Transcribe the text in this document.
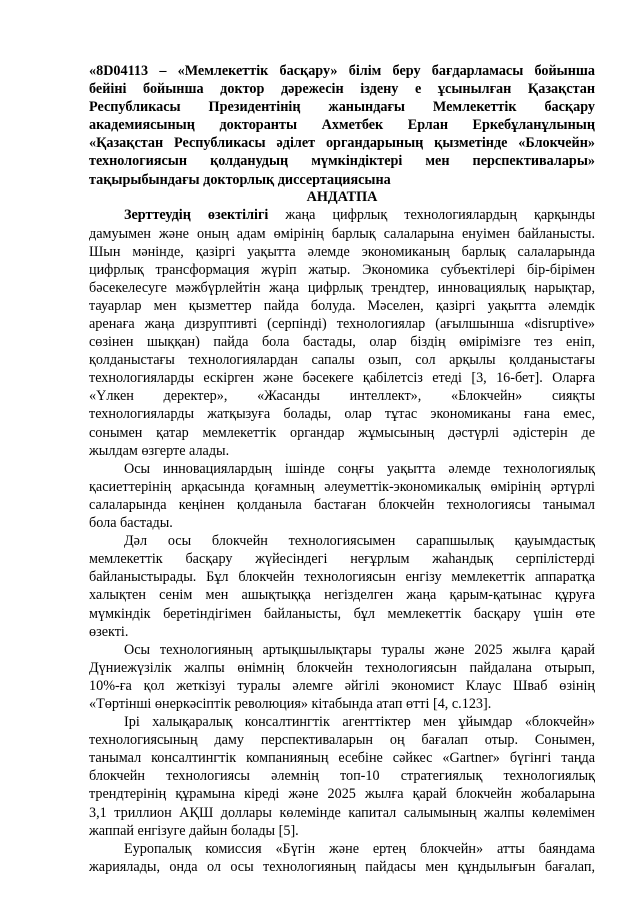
«8D04113 – «Мемлекеттік басқару» білім беру бағдарламасы бойынша
бейіні бойынша доктор дәрежесін іздену е ұсынылған Қазақстан
Республикасы Президентінің жанындағы Мемлекеттік басқару
академиясының докторанты Ахметбек Ерлан Еркебұланұлының
«Қазақстан Республикасы әділет органдарының қызметінде «Блокчейн»
технологиясын қолданудың мүмкіндіктері мен перспективалары»
тақырыбындағы докторлық диссертациясына
АНДАТПА
Зерттеудің өзектілігі жаңа цифрлық технологиялардың қарқынды
дамуымен және оның адам өмірінің барлық салаларына енуімен байланысты.
Шын мәнінде, қазіргі уақытта әлемде экономиканың барлық салаларында
цифрлық трансформация жүріп жатыр. Экономика субъектілері бір-бірімен
бәсекелесуге мәжбүрлейтін жаңа цифрлық трендтер, инновациялық нарықтар,
тауарлар мен қызметтер пайда болуда. Мәселен, қазіргі уақытта әлемдік
аренаға жаңа дизруптивті (серпінді) технологиялар (ағылшынша «disruptive»
сөзінен шыққан) пайда бола бастады, олар біздің өмірімізге тез еніп,
қолданыстағы технологиялардан сапалы озып, сол арқылы қолданыстағы
технологияларды ескірген және бәсекеге қабілетсіз етеді [3, 16-бет]. Оларға
«Үлкен деректер», «Жасанды интеллект», «Блокчейн» сияқты
технологияларды жатқызуға болады, олар тұтас экономиканы ғана емес,
сонымен қатар мемлекеттік органдар жұмысының дәстүрлі әдістерін де
жылдам өзгерте алады.
Осы инновациялардың ішінде соңғы уақытта әлемде технологиялық
қасиеттерінің арқасында қоғамның әлеуметтік-экономикалық өмірінің әртүрлі
салаларында кеңінен қолданыла бастаған блокчейн технологиясы танымал
бола бастады.
Дәл осы блокчейн технологиясымен сарапшылық қауымдастық
мемлекеттік басқару жүйесіндегі неғұрлым жаһандық серпілістерді
байланыстырады. Бұл блокчейн технологиясын енгізу мемлекеттік аппаратқа
халықтен сенім мен ашықтыққа негізделген жаңа қарым-қатынас құруға
мүмкіндік беретіндігімен байланысты, бұл мемлекеттік басқару үшін өте
өзекті.
Осы технологияның артықшылықтары туралы және 2025 жылға қарай
Дүниежүзілік жалпы өнімнің блокчейн технологиясын пайдалана отырып,
10%-ға қол жеткізуі туралы әлемге әйгілі экономист Клаус Шваб өзінің
«Төртінші өнеркәсіптік революция» кітабында атап өтті [4, с.123].
Ірі халықаралық консалтингтік агенттіктер мен ұйымдар «блокчейн»
технологиясының даму перспективаларын оң бағалап отыр. Сонымен,
танымал консалтингтік компанияның есебіне сәйкес «Gartner» бүгінгі таңда
блокчейн технологиясы әлемнің топ-10 стратегиялық технологиялық
трендтерінің құрамына кіреді және 2025 жылға қарай блокчейн жобаларына
3,1 триллион АҚШ доллары көлемінде капитал салымының жалпы көлемімен
жаппай енгізуге дайын болады [5].
Еуропалық комиссия «Бүгін және ертең блокчейн» атты баяндама
жариялады, онда ол осы технологияның пайдасы мен құндылығын бағалап,
